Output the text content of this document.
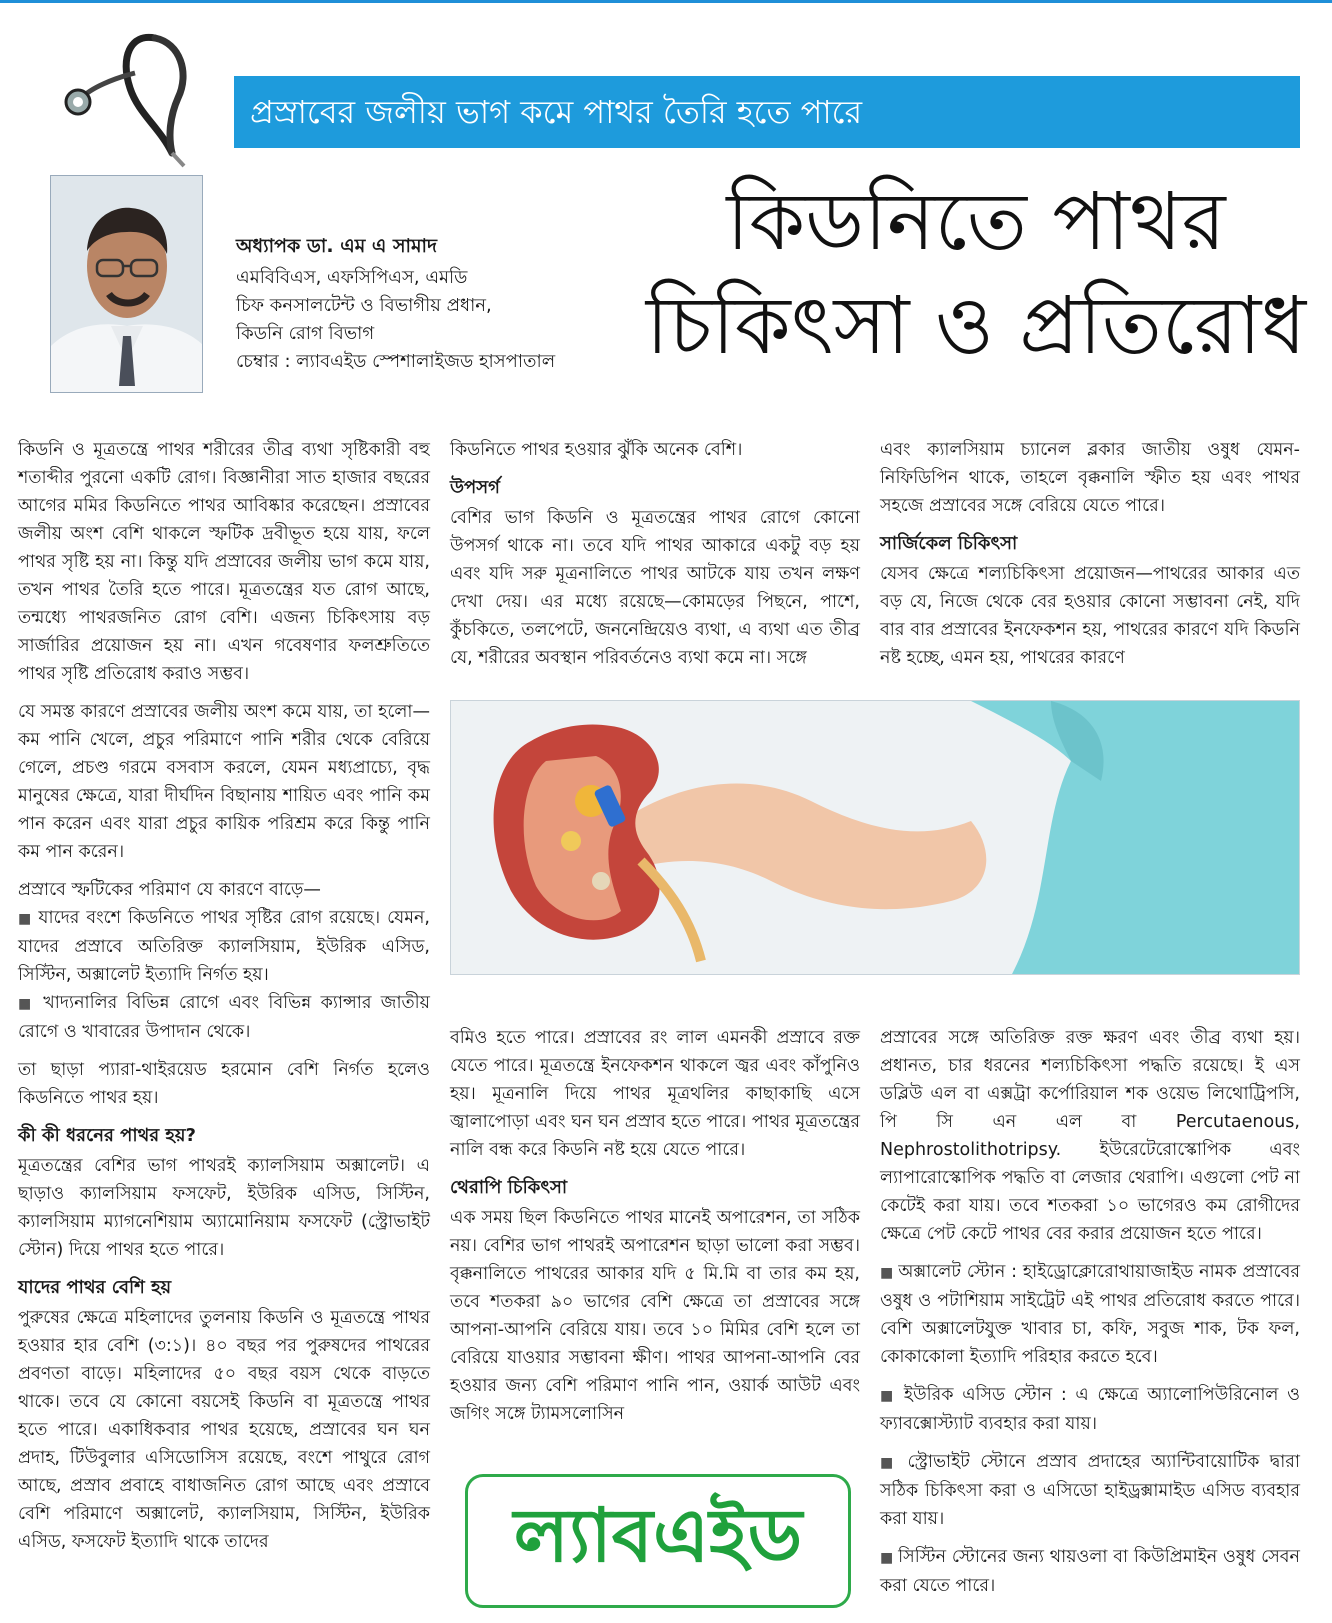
প্রস্রাবের জলীয় ভাগ কমে পাথর তৈরি হতে পারে
অধ্যাপক ডা. এম এ সামাদ
এমবিবিএস, এফসিপিএস, এমডি
চিফ কনসালটেন্ট ও বিভাগীয় প্রধান,
কিডনি রোগ বিভাগ
চেম্বার : ল্যাবএইড স্পেশালাইজড হাসপাতাল
কিডনিতে পাথর
চিকিৎসা ও প্রতিরোধ

কিডনি ও মূত্রতন্ত্রে পাথর শরীরের তীব্র ব্যথা সৃষ্টিকারী বহু শতাব্দীর পুরনো একটি রোগ। বিজ্ঞানীরা সাত হাজার বছরের আগের মমির কিডনিতে পাথর আবিষ্কার করেছেন। প্রস্রাবের জলীয় অংশ বেশি থাকলে স্ফটিক দ্রবীভূত হয়ে যায়, ফলে পাথর সৃষ্টি হয় না। কিন্তু যদি প্রস্রাবের জলীয় ভাগ কমে যায়, তখন পাথর তৈরি হতে পারে। মূত্রতন্ত্রের যত রোগ আছে, তন্মধ্যে পাথরজনিত রোগ বেশি। এজন্য চিকিৎসায় বড় সার্জারির প্রয়োজন হয় না। এখন গবেষণার ফলশ্রুতিতে পাথর সৃষ্টি প্রতিরোধ করাও সম্ভব।

যে সমস্ত কারণে প্রস্রাবের জলীয় অংশ কমে যায়, তা হলো—কম পানি খেলে, প্রচুর পরিমাণে পানি শরীর থেকে বেরিয়ে গেলে, প্রচণ্ড গরমে বসবাস করলে, যেমন মধ্যপ্রাচ্যে, বৃদ্ধ মানুষের ক্ষেত্রে, যারা দীর্ঘদিন বিছানায় শায়িত এবং পানি কম পান করেন এবং যারা প্রচুর কায়িক পরিশ্রম করে কিন্তু পানি কম পান করেন।

প্রস্রাবে স্ফটিকের পরিমাণ যে কারণে বাড়ে—

■ যাদের বংশে কিডনিতে পাথর সৃষ্টির রোগ রয়েছে। যেমন, যাদের প্রস্রাবে অতিরিক্ত ক্যালসিয়াম, ইউরিক এসিড, সিস্টিন, অক্সালেট ইত্যাদি নির্গত হয়।

■ খাদ্যনালির বিভিন্ন রোগে এবং বিভিন্ন ক্যান্সার জাতীয় রোগে ও খাবারের উপাদান থেকে।

তা ছাড়া প্যারা-থাইরয়েড হরমোন বেশি নির্গত হলেও কিডনিতে পাথর হয়।

কী কী ধরনের পাথর হয়?

মূত্রতন্ত্রের বেশির ভাগ পাথরই ক্যালসিয়াম অক্সালেট। এ ছাড়াও ক্যালসিয়াম ফসফেট, ইউরিক এসিড, সিস্টিন, ক্যালসিয়াম ম্যাগনেশিয়াম অ্যামোনিয়াম ফসফেট (স্ট্রোভাইট স্টোন) দিয়ে পাথর হতে পারে।

যাদের পাথর বেশি হয়

পুরুষের ক্ষেত্রে মহিলাদের তুলনায় কিডনি ও মূত্রতন্ত্রে পাথর হওয়ার হার বেশি (৩:১)। ৪০ বছর পর পুরুষদের পাথরের প্রবণতা বাড়ে। মহিলাদের ৫০ বছর বয়স থেকে বাড়তে থাকে। তবে যে কোনো বয়সেই কিডনি বা মূত্রতন্ত্রে পাথর হতে পারে। একাধিকবার পাথর হয়েছে, প্রস্রাবের ঘন ঘন প্রদাহ, টিউবুলার এসিডোসিস রয়েছে, বংশে পাথুরে রোগ আছে, প্রস্রাব প্রবাহে বাধাজনিত রোগ আছে এবং প্রস্রাবে বেশি পরিমাণে অক্সালেট, ক্যালসিয়াম, সিস্টিন, ইউরিক এসিড, ফসফেট ইত্যাদি থাকে তাদের

কিডনিতে পাথর হওয়ার ঝুঁকি অনেক বেশি।

উপসর্গ

বেশির ভাগ কিডনি ও মূত্রতন্ত্রের পাথর রোগে কোনো উপসর্গ থাকে না। তবে যদি পাথর আকারে একটু বড় হয় এবং যদি সরু মূত্রনালিতে পাথর আটকে যায় তখন লক্ষণ দেখা দেয়। এর মধ্যে রয়েছে—কোমড়ের পিছনে, পাশে, কুঁচকিতে, তলপেটে, জননেন্দ্রিয়েও ব্যথা, এ ব্যথা এত তীব্র যে, শরীরের অবস্থান পরিবর্তনেও ব্যথা কমে না। সঙ্গে

এবং ক্যালসিয়াম চ্যানেল ব্লকার জাতীয় ওষুধ যেমন- নিফিডিপিন থাকে, তাহলে বৃক্কনালি স্ফীত হয় এবং পাথর সহজে প্রস্রাবের সঙ্গে বেরিয়ে যেতে পারে।

সার্জিকেল চিকিৎসা

যেসব ক্ষেত্রে শল্যচিকিৎসা প্রয়োজন—পাথরের আকার এত বড় যে, নিজে থেকে বের হওয়ার কোনো সম্ভাবনা নেই, যদি বার বার প্রস্রাবের ইনফেকশন হয়, পাথরের কারণে যদি কিডনি নষ্ট হচ্ছে, এমন হয়, পাথরের কারণে

বমিও হতে পারে। প্রস্রাবের রং লাল এমনকী প্রস্রাবে রক্ত যেতে পারে। মূত্রতন্ত্রে ইনফেকশন থাকলে জ্বর এবং কাঁপুনিও হয়। মূত্রনালি দিয়ে পাথর মূত্রথলির কাছাকাছি এসে জ্বালাপোড়া এবং ঘন ঘন প্রস্রাব হতে পারে। পাথর মূত্রতন্ত্রের নালি বন্ধ করে কিডনি নষ্ট হয়ে যেতে পারে।

থেরাপি চিকিৎসা

এক সময় ছিল কিডনিতে পাথর মানেই অপারেশন, তা সঠিক নয়। বেশির ভাগ পাথরই অপারেশন ছাড়া ভালো করা সম্ভব। বৃক্কনালিতে পাথরের আকার যদি ৫ মি.মি বা তার কম হয়, তবে শতকরা ৯০ ভাগের বেশি ক্ষেত্রে তা প্রস্রাবের সঙ্গে আপনা-আপনি বেরিয়ে যায়। তবে ১০ মিমির বেশি হলে তা বেরিয়ে যাওয়ার সম্ভাবনা ক্ষীণ। পাথর আপনা-আপনি বের হওয়ার জন্য বেশি পরিমাণ পানি পান, ওয়ার্ক আউট এবং জগিং সঙ্গে ট্যামসলোসিন

প্রস্রাবের সঙ্গে অতিরিক্ত রক্ত ক্ষরণ এবং তীব্র ব্যথা হয়। প্রধানত, চার ধরনের শল্যচিকিৎসা পদ্ধতি রয়েছে। ই এস ডব্লিউ এল বা এক্সট্রা কর্পোরিয়াল শক ওয়েভ লিথোট্রিপসি, পি সি এন এল বা Percutaenous, Nephrostolithotripsy. ইউরেটেরোস্কোপিক এবং ল্যাপারোস্কোপিক পদ্ধতি বা লেজার থেরাপি। এগুলো পেট না কেটেই করা যায়। তবে শতকরা ১০ ভাগেরও কম রোগীদের ক্ষেত্রে পেট কেটে পাথর বের করার প্রয়োজন হতে পারে।

■ অক্সালেট স্টোন : হাইড্রোক্লোরোথায়াজাইড নামক প্রস্রাবের ওষুধ ও পটাশিয়াম সাইট্রেট এই পাথর প্রতিরোধ করতে পারে। বেশি অক্সালেটযুক্ত খাবার চা, কফি, সবুজ শাক, টক ফল, কোকাকোলা ইত্যাদি পরিহার করতে হবে।

■ ইউরিক এসিড স্টোন : এ ক্ষেত্রে অ্যালোপিউরিনোল ও ফ্যাবক্সোস্ট্যাট ব্যবহার করা যায়।

■ স্ট্রোভাইট স্টোনে প্রস্রাব প্রদাহের অ্যান্টিবায়োটিক দ্বারা সঠিক চিকিৎসা করা ও এসিডো হাইড্রক্সামাইড এসিড ব্যবহার করা যায়।

■ সিস্টিন স্টোনের জন্য থায়ওলা বা কিউপ্রিমাইন ওষুধ সেবন করা যেতে পারে।

ল্যাবএইড
